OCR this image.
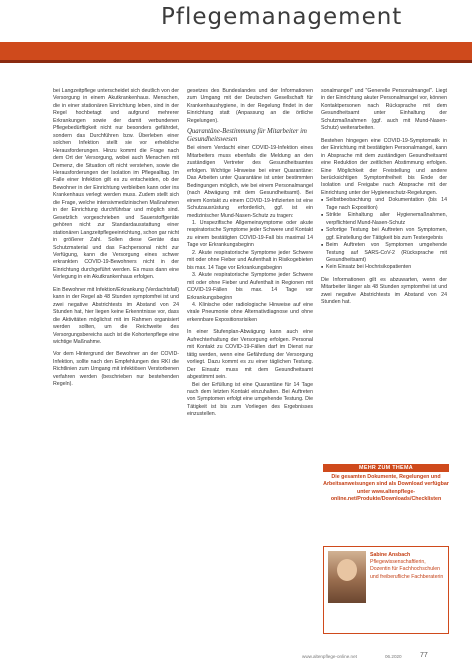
Pflegemanagement

bei Langzeitpflege unterscheidet sich deutlich von der Versorgung in einem Akutkrankenhaus. Menschen, die in einer stationären Einrichtung leben, sind in der Regel hochbetagt und aufgrund mehrerer Erkrankungen sowie der damit verbundenen Pflegebedürftigkeit nicht nur besonders gefährdet, sondern das Durchführen bzw. Überleben einer solchen Infektion stellt sie vor erhebliche Herausforderungen. Hinzu kommt die Frage nach dem Ort der Versorgung, wobei auch Menschen mit Demenz, die Situation oft nicht verstehen, sowie die Herausforderungen der Isolation im Pflegealltag. Im Falle einer Infektion gilt es zu entscheiden, ob der Bewohner in der Einrichtung verbleiben kann oder ins Krankenhaus verlegt werden muss. Zudem stellt sich die Frage, welche intensivmedizinischen Maßnahmen in der Einrichtung durchführbar und möglich sind. Gesetzlich vorgeschrieben und Sauerstoffgeräte gehören nicht zur Standardausstattung einer stationären Langzeitpflegeeinrichtung, schon gar nicht in größerer Zahl. Sollen diese Geräte das Schutzmaterial und das Fachpersonal nicht zur Verfügung, kann die Versorgung eines schwer erkrankten COVID-19-Bewohners nicht in der Einrichtung durchgeführt werden. Es muss dann eine Verlegung in ein Akutkrankenhaus erfolgen.

Ein Bewohner mit Infektion/Erkrankung (Verdachtsfall) kann in der Regel ab 48 Stunden symptomfrei ist und zwei negative Abstrichtests im Abstand von 24 Stunden hat, hier liegen keine Erkenntnisse vor, dass die Aktivitäten möglichst mit im Rahmen organisiert werden sollten, um die Reichweite des Versorgungsbereichs auch ist die Kohortenpflege eine wichtige Maßnahme.

Vor dem Hintergrund der Bewohner an der COVID-Infektion, sollte nach den Empfehlungen des RKI die Richtlinien zum Umgang mit infektiösen Verstorbenen verfahren werden (beschrieben nur bestehenden Regeln).

gesetzes des Bundeslandes und der Informationen zum Umgang mit der Deutschen Gesellschaft für Krankenhaushygiene, in der Regelung findet in der Einrichtung statt (Anpassung an die örtliche Regelungen).

Quarantäne-Bestimmung für Mitarbeiter im Gesundheitswesen

Bei einem Verdacht einer COVID-19-Infektion eines Mitarbeiters muss ebenfalls die Meldung an den zuständigen Vertreter des Gesundheitsamtes erfolgen. Wichtige Hinweise bei einer Quarantäne: Das Arbeiten unter Quarantäne ist unter bestimmten Bedingungen möglich, wie bei einem Personalmangel (nach Abwägung mit dem Gesundheitsamt). Bei einem Kontakt zu einem COVID-19-Infizierten ist eine Schutzausrüstung erforderlich, ggf. ist ein medizinischer Mund-Nasen-Schutz zu tragen:

1. Unspezifische Allgemeinsymptome oder akute respiratorische Symptome jeder Schwere und Kontakt zu einem bestätigten COVID-19-Fall bis maximal 14 Tage vor Erkrankungsbeginn

2. Akute respiratorische Symptome jeder Schwere mit oder ohne Fieber und Aufenthalt in Risikogebieten bis max. 14 Tage vor Erkrankungsbeginn

3. Akute respiratorische Symptome jeder Schwere mit oder ohne Fieber und Aufenthalt in Regionen mit COVID-19-Fällen bis max. 14 Tage vor Erkrankungsbeginn

4. Klinische oder radiologische Hinweise auf eine virale Pneumonie ohne Alternativdiagnose und ohne erkennbare Expositionsrisiken

In einer Stufenplan-Abwägung kann auch eine Aufrechterhaltung der Versorgung erfolgen. Personal mit Kontakt zu COVID-19-Fällen darf im Dienst nur tätig werden, wenn eine Gefährdung der Versorgung vorliegt. Dazu kommt es zu einer täglichen Testung. Der Einsatz muss mit dem Gesundheitsamt abgestimmt sein.

Bei der Erfüllung ist eine Quarantäne für 14 Tage nach dem letzten Kontakt einzuhalten. Bei Auftreten von Symptomen erfolgt eine umgehende Testung. Die Tätigkeit ist bis zum Vorliegen des Ergebnisses einzustellen.

sonalmangel" und "Generelle Personalmangel". Liegt in der Einrichtung akuter Personalmangel vor, können Kontaktpersonen nach Rücksprache mit dem Gesundheitsamt unter Einhaltung der Schutzmaßnahmen (ggf. auch mit Mund-Nasen-Schutz) weiterarbeiten.

Bestehen hingegen eine COVID-19-Symptomatik in der Einrichtung mit bestätigten Personalmangel, kann in Absprache mit dem zuständigen Gesundheitsamt eine Reduktion der zeitlichen Abstimmung erfolgen. Eine Möglichkeit der Freistellung und andere berücksichtigen Symptomfreiheit bis Ende der Isolation und Freigabe nach Absprache mit der Einrichtung unter der Hygieneschutz-Regelungen.

■ Selbstbeobachtung und Dokumentation (bis 14 Tage nach Exposition)
■ Strikte Einhaltung aller Hygienemaßnahmen, verpflichtend Mund-Nasen-Schutz
■ Sofortige Testung bei Auftreten von Symptomen, ggf. Einstellung der Tätigkeit bis zum Testergebnis
■ Beim Auftreten von Symptomen umgehende Testung auf SARS-CoV-2 (Rücksprache mit Gesundheitsamt)
■ Kein Einsatz bei Hochrisikopatienten

Die Informationen gilt es abzuwarten, wenn der Mitarbeiter länger als 48 Stunden symptomfrei ist und zwei negative Abstrichtests im Abstand von 24 Stunden hat.

MEHR ZUM THEMA
Die gesamten Dokumente, Regelungen und Arbeitsanweisungen sind als Download verfügbar unter www.altenpflege-online.net/Produkte/Downloads/Checklisten
Sabine Ansbach
Pflegewissenschaftlerin, Dozentin für Fachhochschulen und freiberufliche Fachberaterin
www.altenpflege-online.net	06.2020	77
